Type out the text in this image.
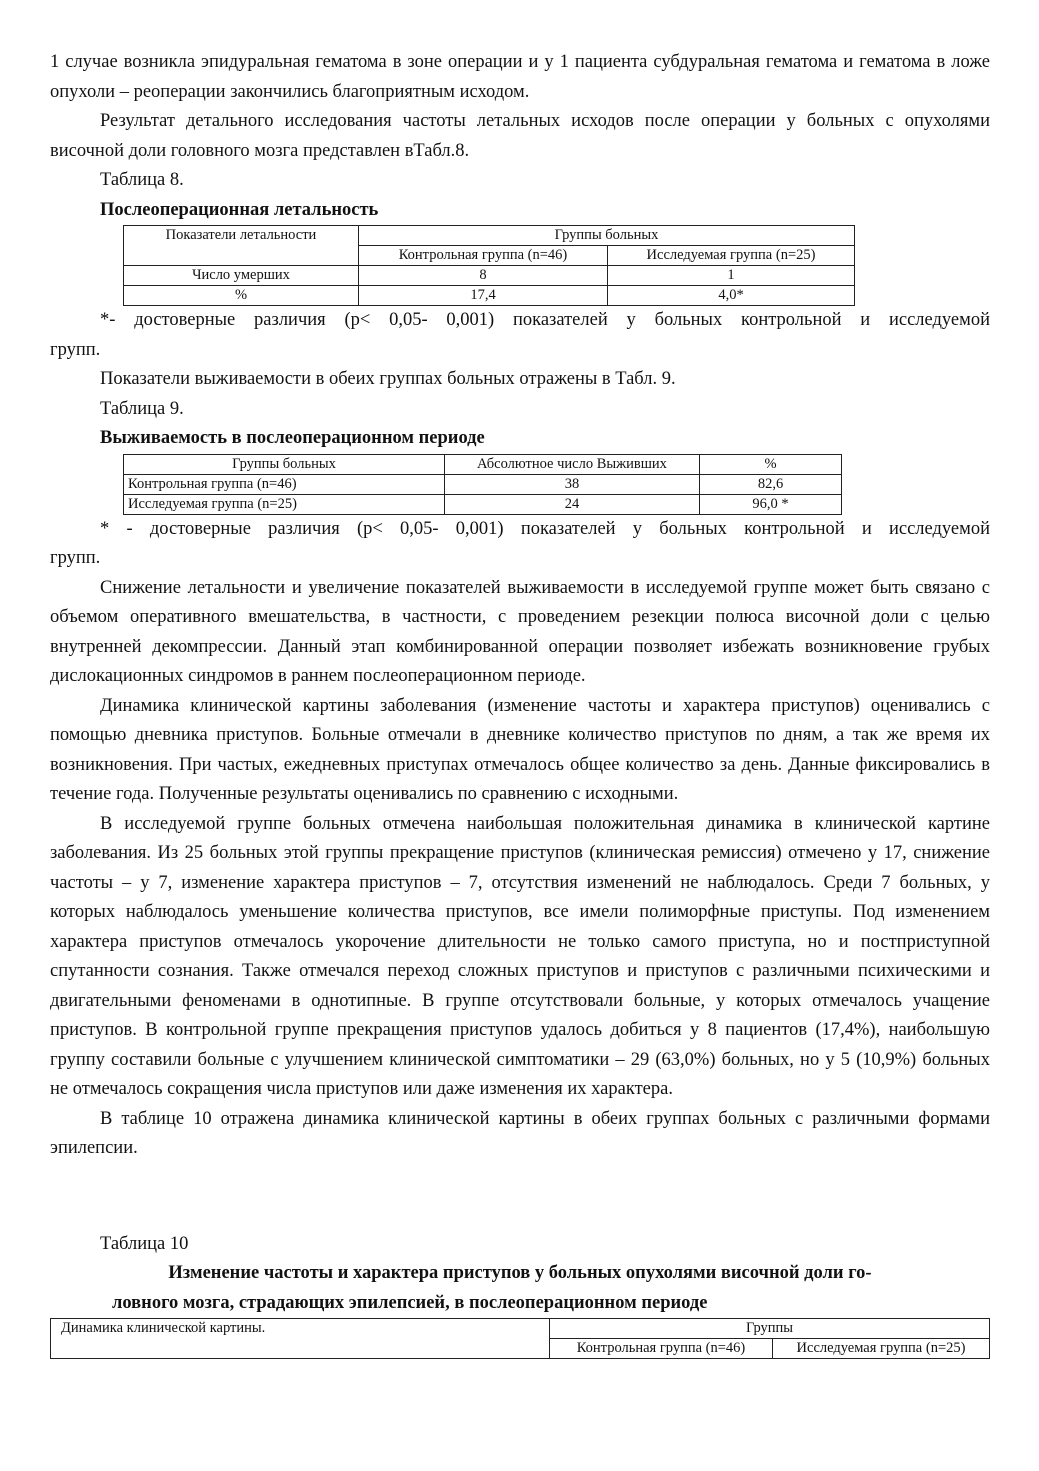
1 случае возникла эпидуральная гематома в зоне операции и у 1 пациента субдуральная гематома и гематома в ложе опухоли – реоперации закончились благоприятным исходом.

Результат детального исследования частоты летальных исходов после операции у больных с опухолями височной доли головного мозга представлен вТабл.8.

Таблица 8.

Послеоперационная летальность

Показатели летальности	Группы больных	
	Контрольная группа (n=46)	Исследуемая группа (n=25)
Число умерших	8	1
%	17,4	4,0*

*- достоверные различия (p< 0,05- 0,001) показателей у больных контрольной и исследуемой

групп.

Показатели выживаемости в обеих группах больных отражены в Табл. 9.

Таблица 9.

Выживаемость в послеоперационном периоде

Группы больных	Абсолютное число Выживших	%
Контрольная группа (n=46)	38	82,6
Исследуемая группа (n=25)	24	96,0 *

* - достоверные различия (p< 0,05- 0,001) показателей у больных контрольной и исследуемой

групп.

Снижение летальности и увеличение показателей выживаемости в исследуемой группе может быть связано с объемом оперативного вмешательства, в частности, с проведением резекции полюса височной доли с целью внутренней декомпрессии. Данный этап комбинированной операции позволяет избежать возникновение грубых дислокационных синдромов в раннем послеоперационном периоде.

Динамика клинической картины заболевания (изменение частоты и характера приступов) оценивались с помощью дневника приступов. Больные отмечали в дневнике количество приступов по дням, а так же время их возникновения. При частых, ежедневных приступах отмечалось общее количество за день. Данные фиксировались в течение года. Полученные результаты оценивались по сравнению с исходными.

В исследуемой группе больных отмечена наибольшая положительная динамика в клинической картине заболевания. Из 25 больных этой группы прекращение приступов (клиническая ремиссия) отмечено у 17, снижение частоты – у 7, изменение характера приступов – 7, отсутствия изменений не наблюдалось. Среди 7 больных, у которых наблюдалось уменьшение количества приступов, все имели полиморфные приступы. Под изменением характера приступов отмечалось укорочение длительности не только самого приступа, но и постприступной спутанности сознания. Также отмечался переход сложных приступов и приступов с различными психическими и двигательными феноменами в однотипные. В группе отсутствовали больные, у которых отмечалось учащение приступов. В контрольной группе прекращения приступов удалось добиться у 8 пациентов (17,4%), наибольшую группу составили больные с улучшением клинической симптоматики – 29 (63,0%) больных, но у 5 (10,9%) больных не отмечалось сокращения числа приступов или даже изменения их характера.

В таблице 10 отражена динамика клинической картины в обеих группах больных с различными формами эпилепсии.

Таблица 10

Изменение частоты и характера приступов у больных опухолями височной доли го-

ловного мозга, страдающих эпилепсией, в послеоперационном периоде

Динамика клинической картины.	Группы	
	Контрольная группа (n=46)	Исследуемая группа (n=25)
